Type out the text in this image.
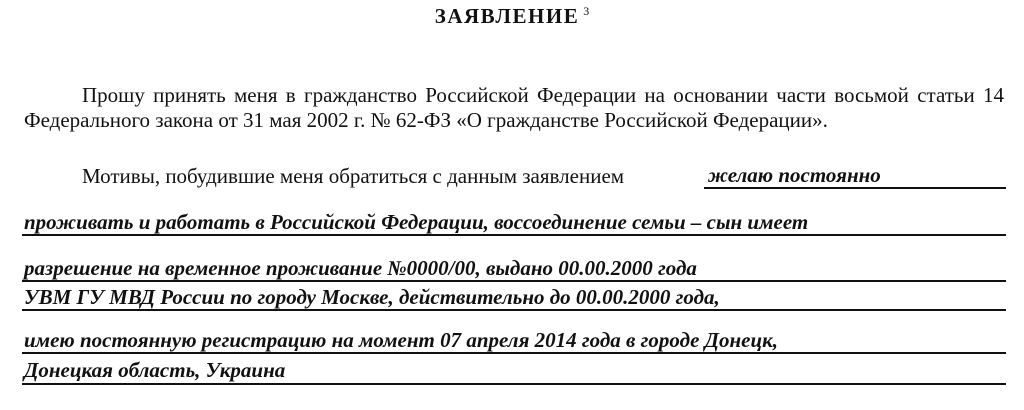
ЗАЯВЛЕНИЕ $^3$
Прошу принять меня в гражданство Российской Федерации на основании части восьмой статьи 14 Федерального закона от 31 мая 2002 г. № 62-ФЗ «О гражданстве Российской Федерации».
Мотивы, побудившие меня обратиться с данным заявлением	желаю постоянно
проживать и работать в Российской Федерации, воссоединение семьи – сын имеет
разрешение на временное проживание №0000/00, выдано 00.00.2000 года
УВМ ГУ МВД России по городу Москве, действительно до 00.00.2000 года,
имею постоянную регистрацию на момент 07 апреля 2014 года в городе Донецк,
Донецкая область, Украина
